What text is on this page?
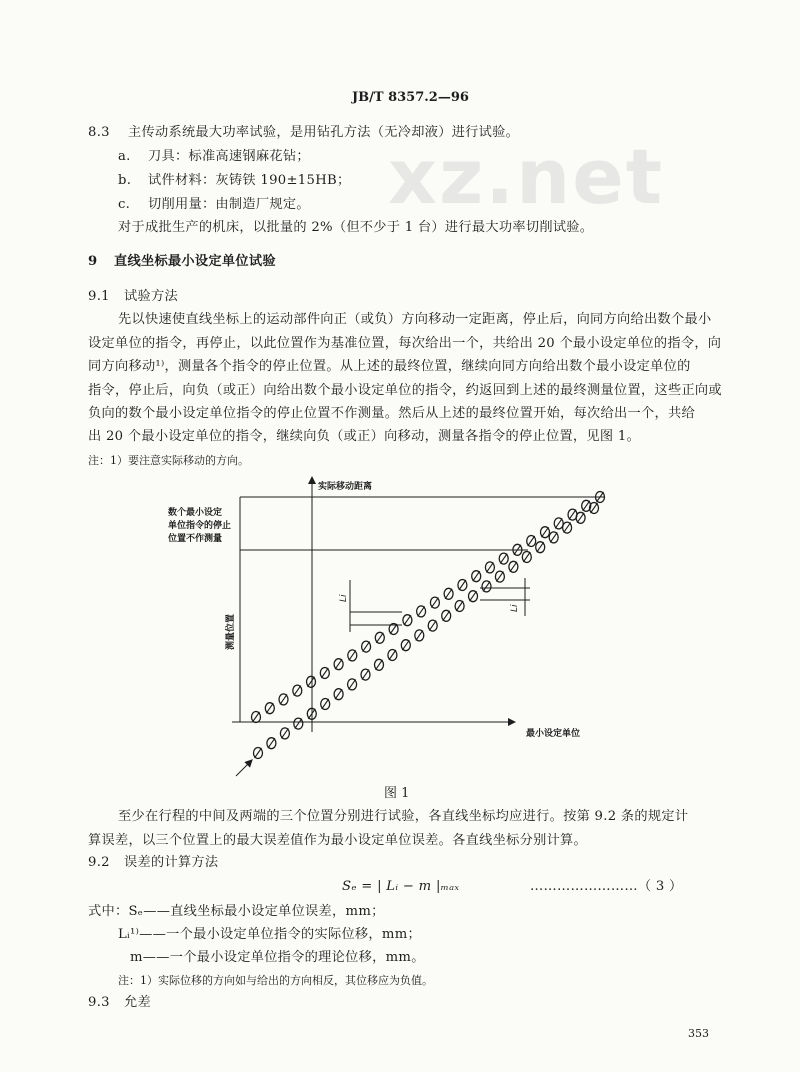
xz.net
JB/T 8357.2—96
8.3 主传动系统最大功率试验，是用钻孔方法（无冷却液）进行试验。
a. 刀具：标准高速钢麻花钻；
b. 试件材料：灰铸铁 190±15HB；
c. 切削用量：由制造厂规定。
对于成批生产的机床，以批量的 2%（但不少于 1 台）进行最大功率切削试验。
9 直线坐标最小设定单位试验
9.1 试验方法
先以快速使直线坐标上的运动部件向正（或负）方向移动一定距离，停止后，向同方向给出数个最小
设定单位的指令，再停止，以此位置作为基准位置，每次给出一个，共给出 20 个最小设定单位的指令，向
同方向移动¹⁾，测量各个指令的停止位置。从上述的最终位置，继续向同方向给出数个最小设定单位的
指令，停止后，向负（或正）向给出数个最小设定单位的指令，约返回到上述的最终测量位置，这些正向或
负向的数个最小设定单位指令的停止位置不作测量。然后从上述的最终位置开始，每次给出一个，共给
出 20 个最小设定单位的指令，继续向负（或正）向移动，测量各指令的停止位置，见图 1。
注：1）要注意实际移动的方向。
实际移动距离
最小设定单位
数个最小设定
单位指令的停止
位置不作测量
测量位置
Li
Li
图 1
至少在行程的中间及两端的三个位置分别进行试验，各直线坐标均应进行。按第 9.2 条的规定计
算误差，以三个位置上的最大误差值作为最小设定单位误差。各直线坐标分别计算。
9.2 误差的计算方法
Sₑ = | Lᵢ − m |ₘₐₓ	……………………（ 3 ）
式中：Sₑ——直线坐标最小设定单位误差，mm；
Lᵢ¹⁾——一个最小设定单位指令的实际位移，mm；
m——一个最小设定单位指令的理论位移，mm。
注：1）实际位移的方向如与给出的方向相反，其位移应为负值。
9.3 允差
353
